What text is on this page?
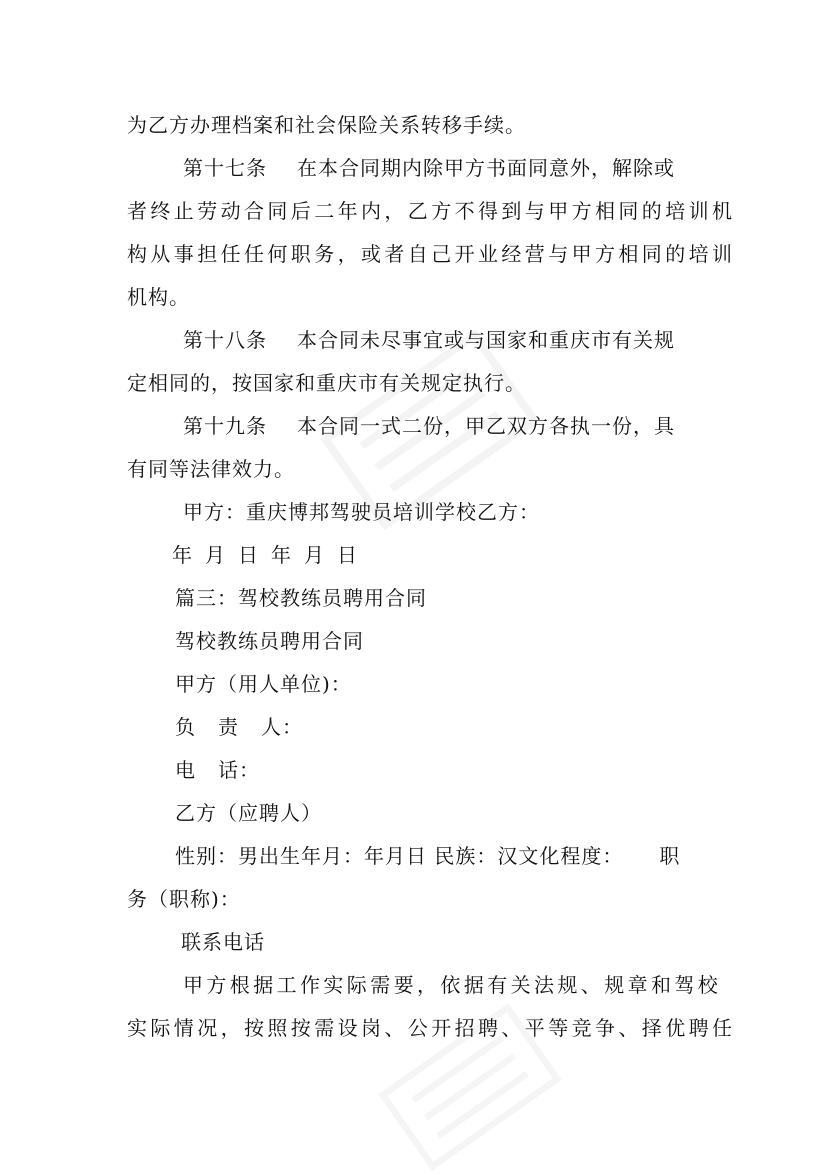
为乙方办理档案和社会保险关系转移手续。
第十七条 在本合同期内除甲方书面同意外，解除或
者终止劳动合同后二年内，乙方不得到与甲方相同的培训机
构从事担任任何职务，或者自己开业经营与甲方相同的培训
机构。
第十八条 本合同未尽事宜或与国家和重庆市有关规
定相同的，按国家和重庆市有关规定执行。
第十九条 本合同一式二份，甲乙双方各执一份，具
有同等法律效力。
甲方：重庆博邦驾驶员培训学校乙方：
年 月 日 年 月 日
篇三：驾校教练员聘用合同
驾校教练员聘用合同
甲方（用人单位)：
负 责 人：
电 话：
乙方（应聘人）
性别：男出生年月：年月日 民族：汉文化程度： 职
务（职称)：
联系电话
甲方根据工作实际需要，依据有关法规、规章和驾校
实际情况，按照按需设岗、公开招聘、平等竞争、择优聘任
